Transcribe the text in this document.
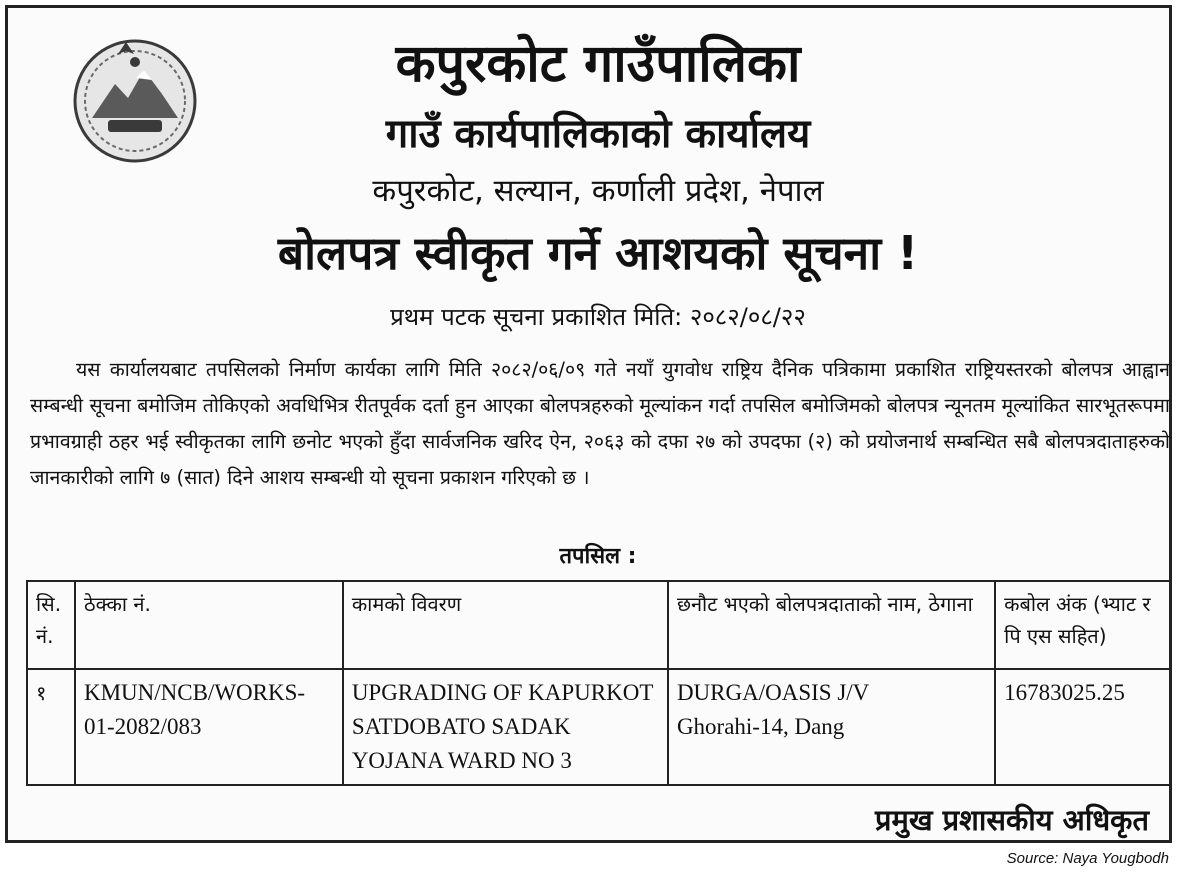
कपुरकोट गाउँपालिका
गाउँ कार्यपालिकाको कार्यालय
कपुरकोट, सल्यान, कर्णाली प्रदेश, नेपाल
बोलपत्र स्वीकृत गर्ने आशयको सूचना !
प्रथम पटक सूचना प्रकाशित मिति: २०८२/०८/२२
यस कार्यालयबाट तपसिलको निर्माण कार्यका लागि मिति २०८२/०६/०९ गते नयाँ युगवोध राष्ट्रिय दैनिक पत्रिकामा प्रकाशित राष्ट्रियस्तरको बोलपत्र आह्वान सम्बन्धी सूचना बमोजिम तोकिएको अवधिभित्र रीतपूर्वक दर्ता हुन आएका बोलपत्रहरुको मूल्यांकन गर्दा तपसिल बमोजिमको बोलपत्र न्यूनतम मूल्यांकित सारभूतरूपमा प्रभावग्राही ठहर भई स्वीकृतका लागि छनोट भएको हुँदा सार्वजनिक खरिद ऐन, २०६३ को दफा २७ को उपदफा (२) को प्रयोजनार्थ सम्बन्धित सबै बोलपत्रदाताहरुको जानकारीको लागि ७ (सात) दिने आशय सम्बन्धी यो सूचना प्रकाशन गरिएको छ ।
तपसिल :
सि. नं.	ठेक्का नं.	कामको विवरण	छनौट भएको बोलपत्रदाताको नाम, ठेगाना	कबोल अंक (भ्याट र पि एस सहित)
१	KMUN/NCB/WORKS-01-2082/083	UPGRADING OF KAPURKOT SATDOBATO SADAK YOJANA WARD NO 3	DURGA/OASIS J/V
Ghorahi-14, Dang	16783025.25
प्रमुख प्रशासकीय अधिकृत
Source: Naya Yougbodh
